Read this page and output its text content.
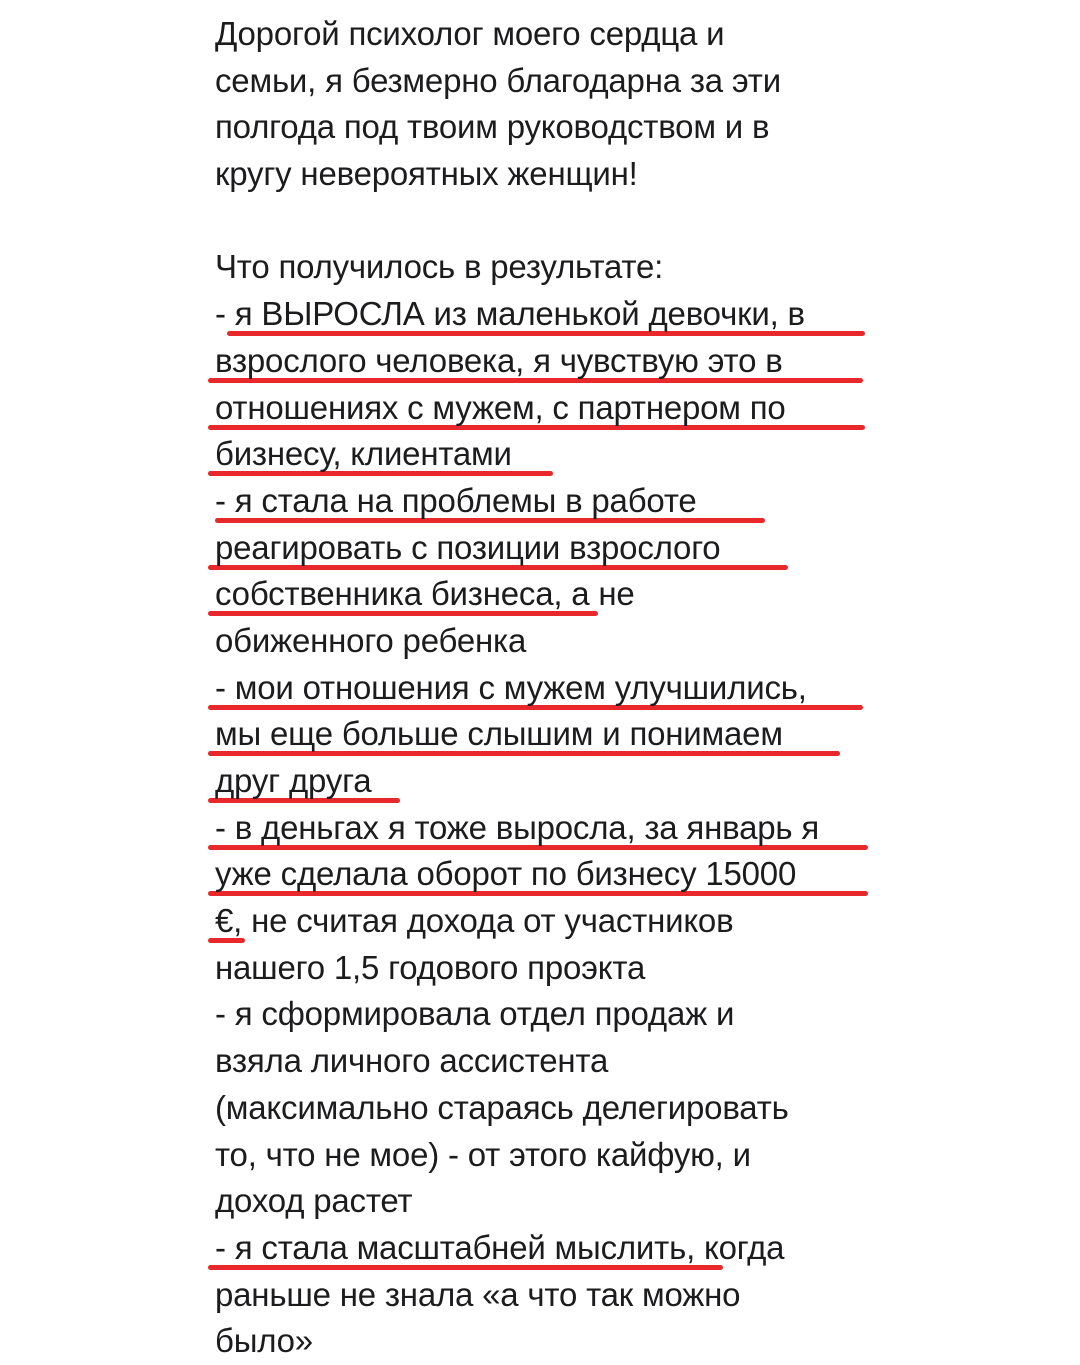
Дорогой психолог моего сердца и
семьи, я безмерно благодарна за эти
полгода под твоим руководством и в
кругу невероятных женщин!
Что получилось в результате:
- я ВЫРОСЛА из маленькой девочки, в
взрослого человека, я чувствую это в
отношениях с мужем, с партнером по
бизнесу, клиентами
- я стала на проблемы в работе
реагировать с позиции взрослого
собственника бизнеса, а не
обиженного ребенка
- мои отношения с мужем улучшились,
мы еще больше слышим и понимаем
друг друга
- в деньгах я тоже выросла, за январь я
уже сделала оборот по бизнесу 15000
€, не считая дохода от участников
нашего 1,5 годового проэкта
- я сформировала отдел продаж и
взяла личного ассистента
(максимально стараясь делегировать
то, что не мое) - от этого кайфую, и
доход растет
- я стала масштабней мыслить, когда
раньше не знала «а что так можно
было»
